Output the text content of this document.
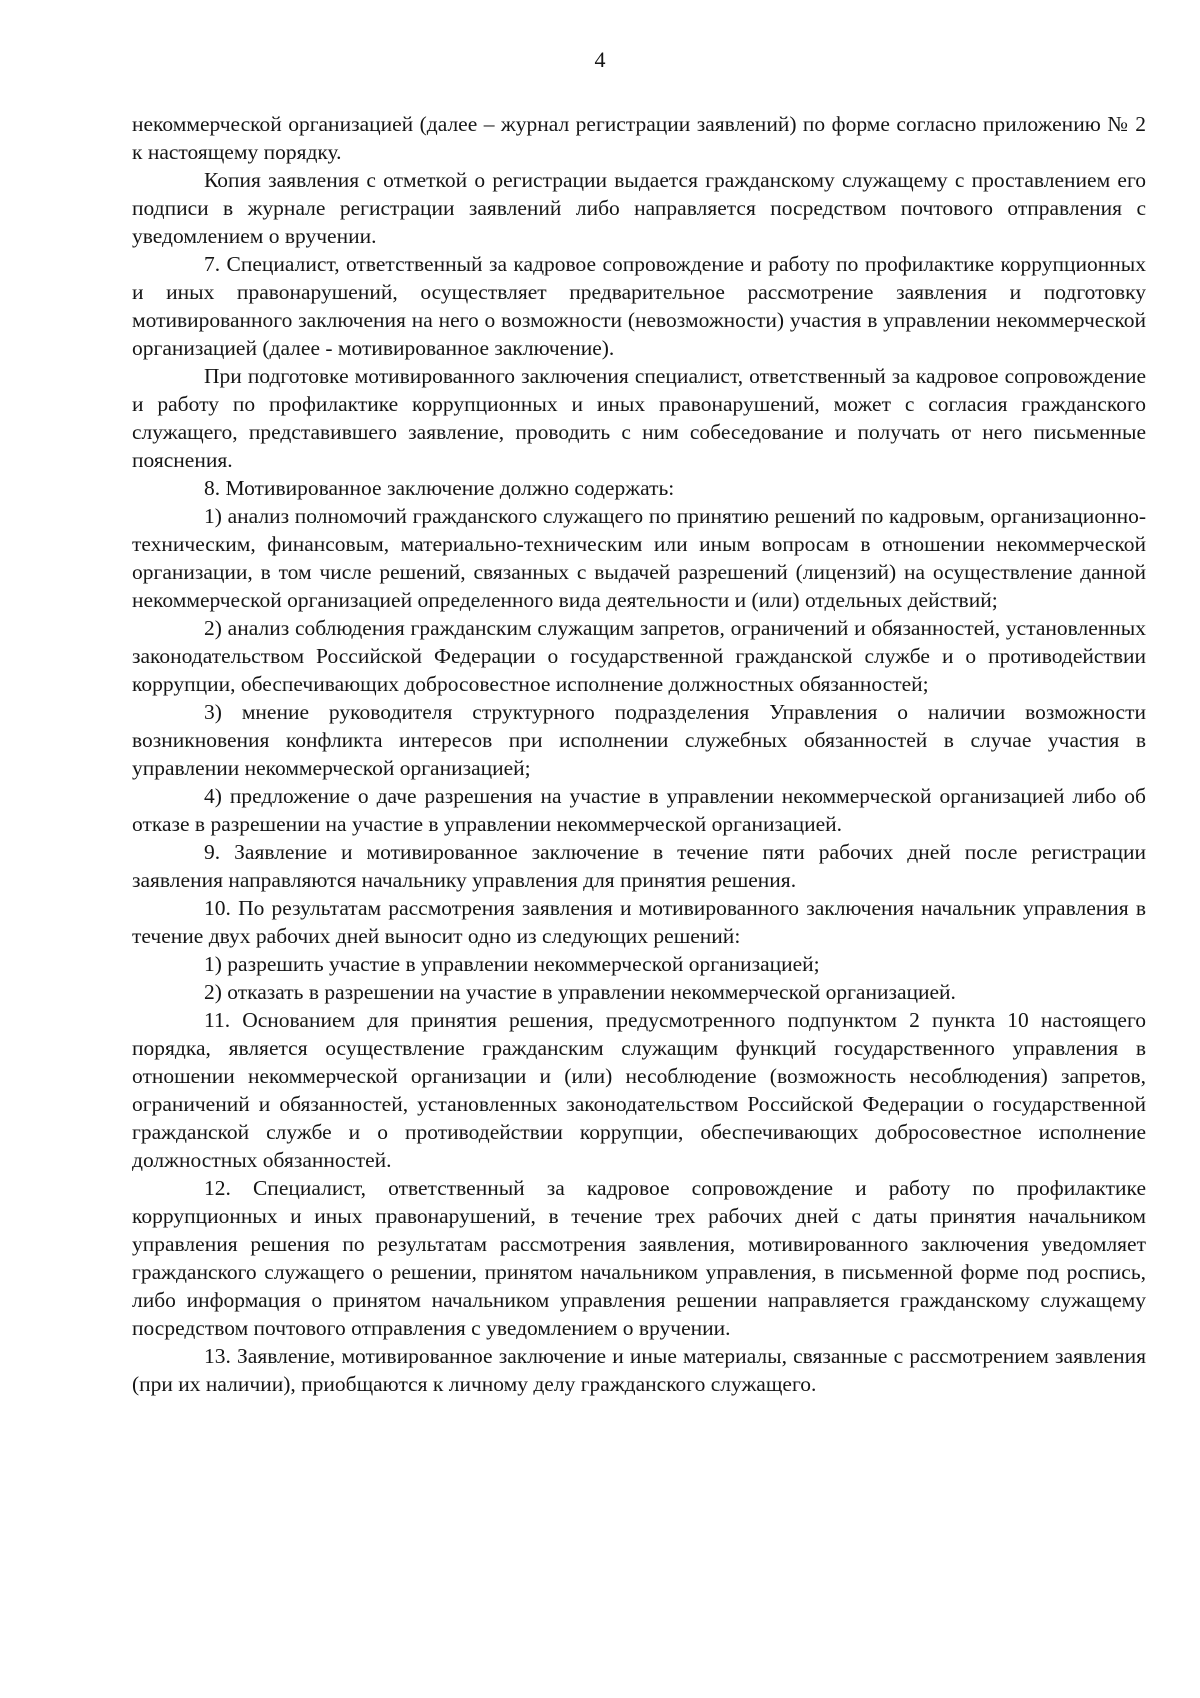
4

некоммерческой организацией (далее – журнал регистрации заявлений) по форме согласно приложению № 2 к настоящему порядку.

Копия заявления с отметкой о регистрации выдается гражданскому служащему с проставлением его подписи в журнале регистрации заявлений либо направляется посредством почтового отправления с уведомлением о вручении.

7. Специалист, ответственный за кадровое сопровождение и работу по профилактике коррупционных и иных правонарушений, осуществляет предварительное рассмотрение заявления и подготовку мотивированного заключения на него о возможности (невозможности) участия в управлении некоммерческой организацией (далее - мотивированное заключение).

При подготовке мотивированного заключения специалист, ответственный за кадровое сопровождение и работу по профилактике коррупционных и иных правонарушений, может с согласия гражданского служащего, представившего заявление, проводить с ним собеседование и получать от него письменные пояснения.

8. Мотивированное заключение должно содержать:

1) анализ полномочий гражданского служащего по принятию решений по кадровым, организационно-техническим, финансовым, материально-техническим или иным вопросам в отношении некоммерческой организации, в том числе решений, связанных с выдачей разрешений (лицензий) на осуществление данной некоммерческой организацией определенного вида деятельности и (или) отдельных действий;

2) анализ соблюдения гражданским служащим запретов, ограничений и обязанностей, установленных законодательством Российской Федерации о государственной гражданской службе и о противодействии коррупции, обеспечивающих добросовестное исполнение должностных обязанностей;

3) мнение руководителя структурного подразделения Управления о наличии возможности возникновения конфликта интересов при исполнении служебных обязанностей в случае участия в управлении некоммерческой организацией;

4) предложение о даче разрешения на участие в управлении некоммерческой организацией либо об отказе в разрешении на участие в управлении некоммерческой организацией.

9. Заявление и мотивированное заключение в течение пяти рабочих дней после регистрации заявления направляются начальнику управления для принятия решения.

10. По результатам рассмотрения заявления и мотивированного заключения начальник управления в течение двух рабочих дней выносит одно из следующих решений:

1) разрешить участие в управлении некоммерческой организацией;

2) отказать в разрешении на участие в управлении некоммерческой организацией.

11. Основанием для принятия решения, предусмотренного подпунктом 2 пункта 10 настоящего порядка, является осуществление гражданским служащим функций государственного управления в отношении некоммерческой организации и (или) несоблюдение (возможность несоблюдения) запретов, ограничений и обязанностей, установленных законодательством Российской Федерации о государственной гражданской службе и о противодействии коррупции, обеспечивающих добросовестное исполнение должностных обязанностей.

12. Специалист, ответственный за кадровое сопровождение и работу по профилактике коррупционных и иных правонарушений, в течение трех рабочих дней с даты принятия начальником управления решения по результатам рассмотрения заявления, мотивированного заключения уведомляет гражданского служащего о решении, принятом начальником управления, в письменной форме под роспись, либо информация о принятом начальником управления решении направляется гражданскому служащему посредством почтового отправления с уведомлением о вручении.

13. Заявление, мотивированное заключение и иные материалы, связанные с рассмотрением заявления (при их наличии), приобщаются к личному делу гражданского служащего.
